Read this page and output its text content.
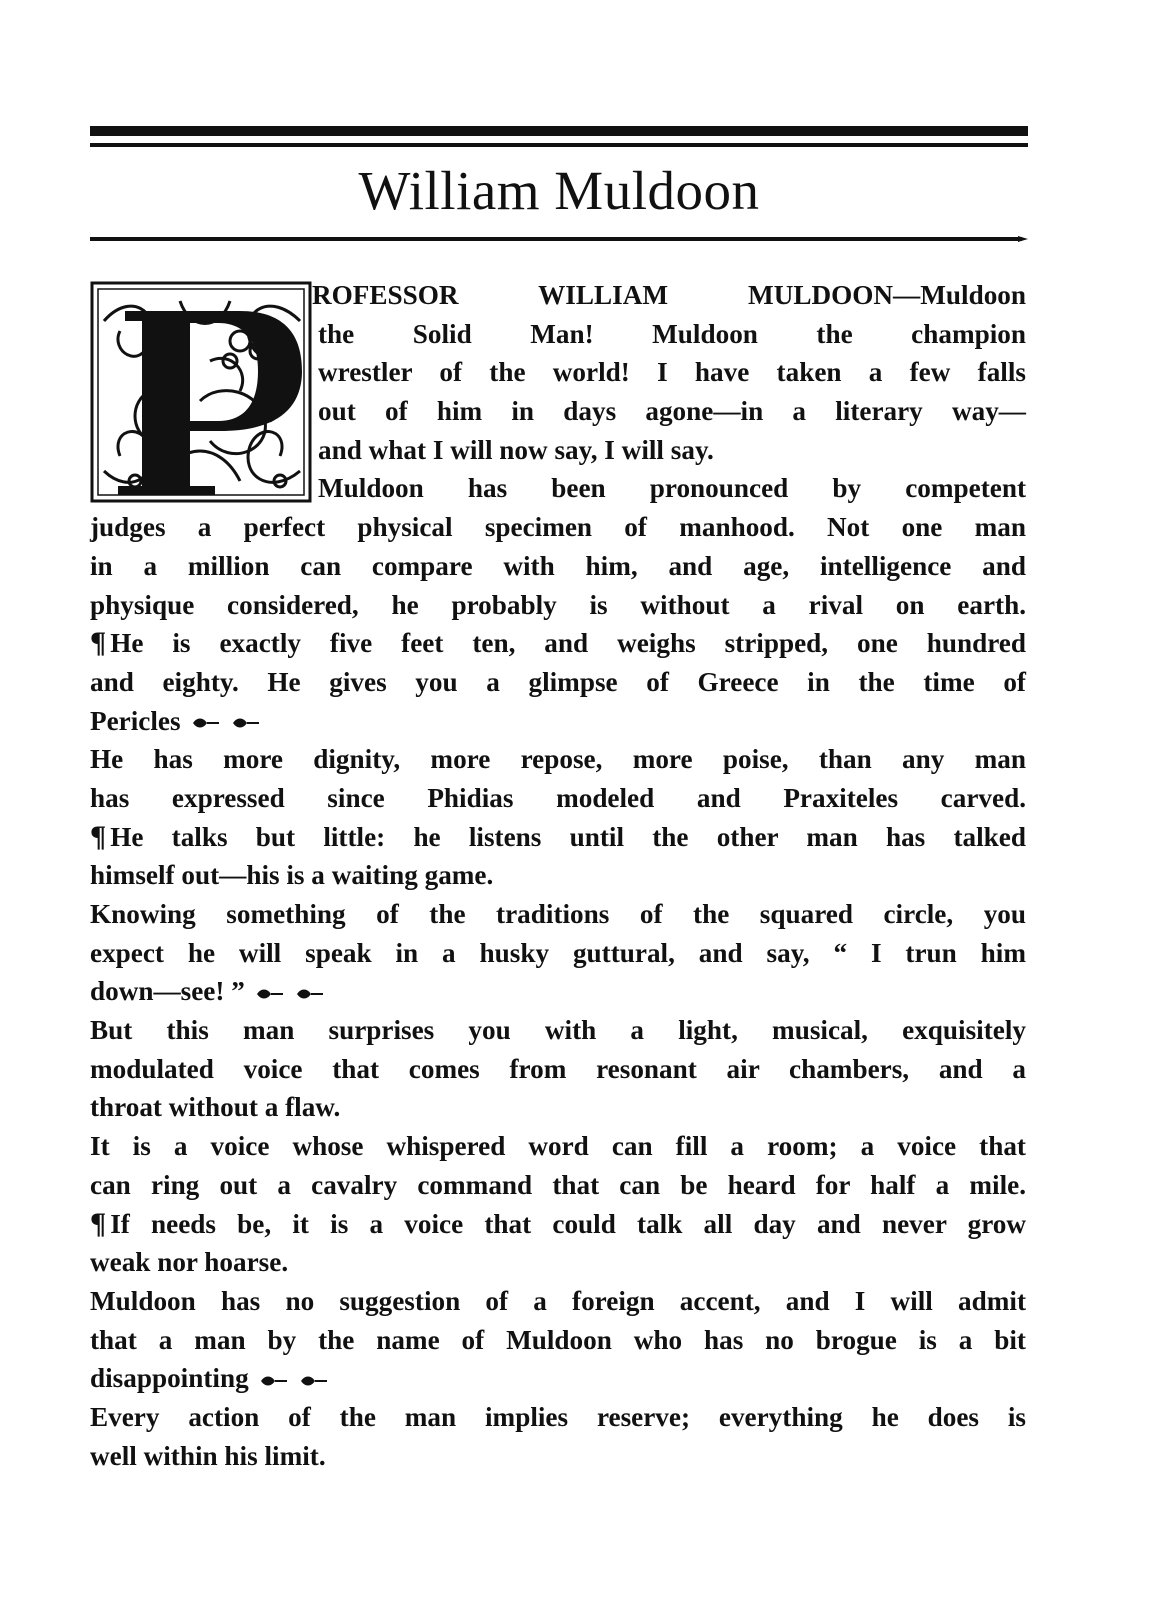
William Muldoon
ROFESSOR WILLIAM MULDOON—Muldoon
the Solid Man! Muldoon the champion
wrestler of the world! I have taken a few falls
out of him in days agone—in a literary way—
and what I will now say, I will say.
Muldoon has been pronounced by competent
judges a perfect physical specimen of manhood. Not one man
in a million can compare with him, and age, intelligence and
physique considered, he probably is without a rival on earth.
¶ He is exactly five feet ten, and weighs stripped, one hundred
and eighty. He gives you a glimpse of Greece in the time of
Pericles
He has more dignity, more repose, more poise, than any man
has expressed since Phidias modeled and Praxiteles carved.
¶ He talks but little: he listens until the other man has talked
himself out—his is a waiting game.
Knowing something of the traditions of the squared circle, you
expect he will speak in a husky guttural, and say, “ I trun him
down—see! ”
But this man surprises you with a light, musical, exquisitely
modulated voice that comes from resonant air chambers, and a
throat without a flaw.
It is a voice whose whispered word can fill a room; a voice that
can ring out a cavalry command that can be heard for half a mile.
¶ If needs be, it is a voice that could talk all day and never grow
weak nor hoarse.
Muldoon has no suggestion of a foreign accent, and I will admit
that a man by the name of Muldoon who has no brogue is a bit
disappointing
Every action of the man implies reserve; everything he does is
well within his limit.
